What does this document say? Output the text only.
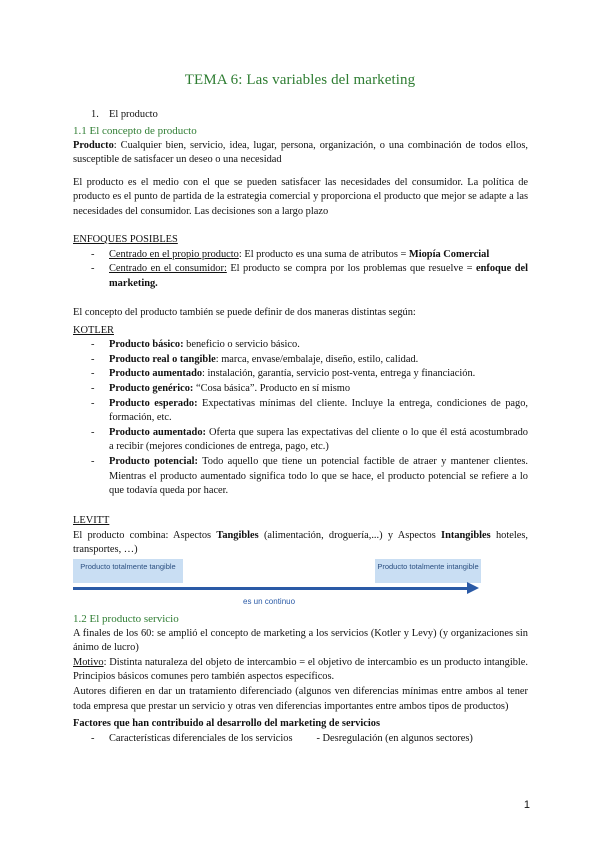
TEMA 6: Las variables del marketing
1. El producto

1.1 El concepto de producto

Producto: Cualquier bien, servicio, idea, lugar, persona, organización, o una combinación de todos ellos, susceptible de satisfacer un deseo o una necesidad

El producto es el medio con el que se pueden satisfacer las necesidades del consumidor. La política de producto es el punto de partida de la estrategia comercial y proporciona el producto que mejor se adapte a las necesidades del consumidor. Las decisiones son a largo plazo

ENFOQUES POSIBLES

- Centrado en el propio producto: El producto es una suma de atributos = Miopía Comercial
- Centrado en el consumidor: El producto se compra por los problemas que resuelve = enfoque del marketing.

El concepto del producto también se puede definir de dos maneras distintas según:

KOTLER

- Producto básico: beneficio o servicio básico.
- Producto real o tangible: marca, envase/embalaje, diseño, estilo, calidad.
- Producto aumentado: instalación, garantía, servicio post-venta, entrega y financiación.
- Producto genérico: “Cosa básica”. Producto en sí mismo
- Producto esperado: Expectativas mínimas del cliente. Incluye la entrega, condiciones de pago, formación, etc.
- Producto aumentado: Oferta que supera las expectativas del cliente o lo que él está acostumbrado a recibir (mejores condiciones de entrega, pago, etc.)
- Producto potencial: Todo aquello que tiene un potencial factible de atraer y mantener clientes. Mientras el producto aumentado significa todo lo que se hace, el producto potencial se refiere a lo que todavía queda por hacer.

LEVITT

El producto combina: Aspectos Tangibles (alimentación, droguería,...) y Aspectos Intangibles hoteles, transportes, …)

Producto totalmente tangible	Producto totalmente intangible
es un continuo

1.2 El producto servicio

A finales de los 60: se amplió el concepto de marketing a los servicios (Kotler y Levy) (y organizaciones sin ánimo de lucro)

Motivo: Distinta naturaleza del objeto de intercambio = el objetivo de intercambio es un producto intangible. Principios básicos comunes pero también aspectos específicos.

Autores difieren en dar un tratamiento diferenciado (algunos ven diferencias mínimas entre ambos al tener toda empresa que prestar un servicio y otras ven diferencias importantes entre ambos tipos de productos)

Factores que han contribuido al desarrollo del marketing de servicios

- Características diferenciales de los servicios - Desregulación (en algunos sectores)
1
